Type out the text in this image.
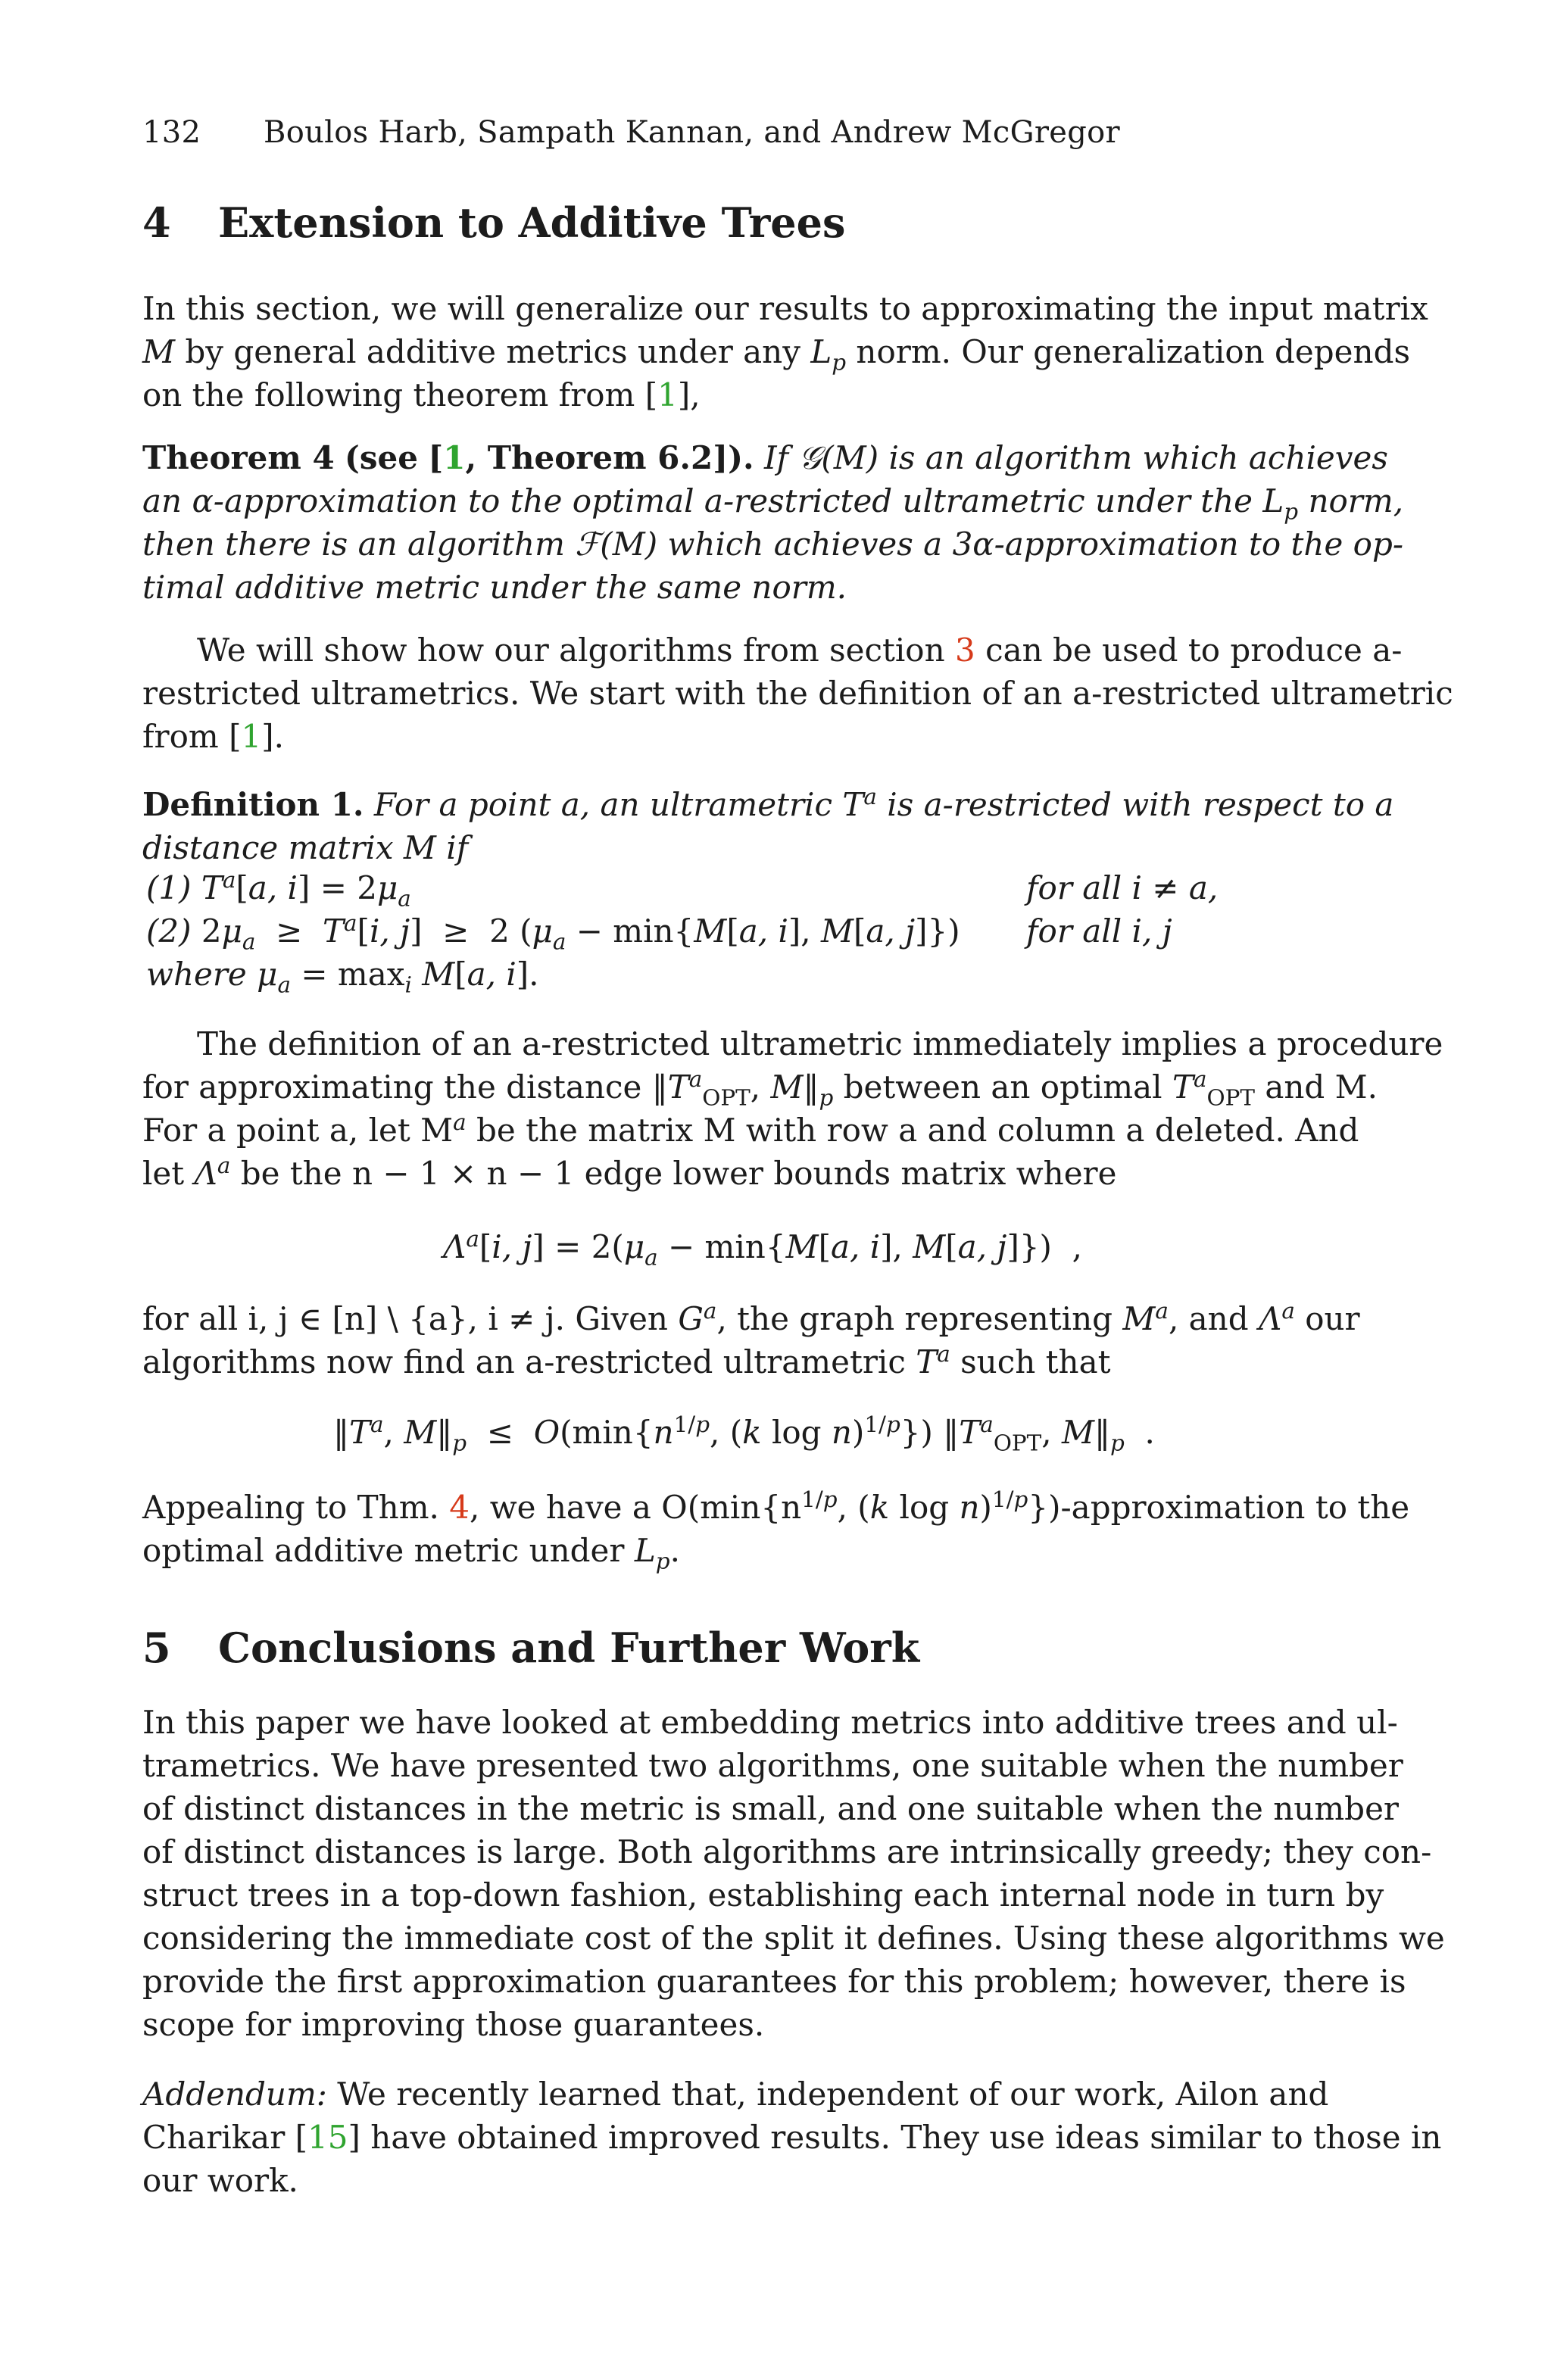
132 Boulos Harb, Sampath Kannan, and Andrew McGregor
4 Extension to Additive Trees
In this section, we will generalize our results to approximating the input matrix
M by general additive metrics under any $L_p$ norm. Our generalization depends
on the following theorem from [1],
Theorem 4 (see [1, Theorem 6.2]). If 𝒢(M) is an algorithm which achieves
an α-approximation to the optimal a-restricted ultrametric under the $L_p$ norm,
then there is an algorithm ℱ(M) which achieves a 3α-approximation to the op-
timal additive metric under the same norm.
We will show how our algorithms from section 3 can be used to produce a-
restricted ultrametrics. We start with the definition of an a-restricted ultrametric
from [1].
Definition 1. For a point a, an ultrametric $T^a$ is a-restricted with respect to a
distance matrix M if
(1) $T^a[a$, $i] = 2\mu_a$	for all i ≠ a,
(2) $2\mu_a \ge T^a[i$, j]  ≥  2 ($\mu_a - \min\{M[a$, i], M[a, j]}) for all i, j
where $\mu_a = \max_i M[a$, i].
The definition of an a-restricted ultrametric immediately implies a procedure
for approximating the distance $‖T^a_{OPT}$, $M‖_p$ between an optimal $T^a_{OPT}$ and M.
For a point a, let $M^a$ be the matrix M with row a and column a deleted. And
let $\Lambda^a$ be the n − 1 × n − 1 edge lower bounds matrix where
$\Lambda^a[i$, $j] = 2(\mu_a - \min\{M[a$, i], M[a, j]})  ,
for all i, j ∈ [n] \ {a}, i ≠ j. Given $G^a$, the graph representing $M^a$, and $\Lambda^a$ our
algorithms now find an a-restricted ultrametric $T^a$ such that
$‖T^a$, $M‖_p \le O(\min\{n^{1/p}$, (k log n)$^{1/p}$}) $‖T^a_{OPT}$, $M‖_p$  .
Appealing to Thm. 4, we have a $O(\min\{n^{1/p}$, (k log n)$^{1/p}$})-approximation to the
optimal additive metric under $L_p$.
5 Conclusions and Further Work
In this paper we have looked at embedding metrics into additive trees and ul-
trametrics. We have presented two algorithms, one suitable when the number
of distinct distances in the metric is small, and one suitable when the number
of distinct distances is large. Both algorithms are intrinsically greedy; they con-
struct trees in a top-down fashion, establishing each internal node in turn by
considering the immediate cost of the split it defines. Using these algorithms we
provide the first approximation guarantees for this problem; however, there is
scope for improving those guarantees.
Addendum: We recently learned that, independent of our work, Ailon and
Charikar [15] have obtained improved results. They use ideas similar to those in
our work.
